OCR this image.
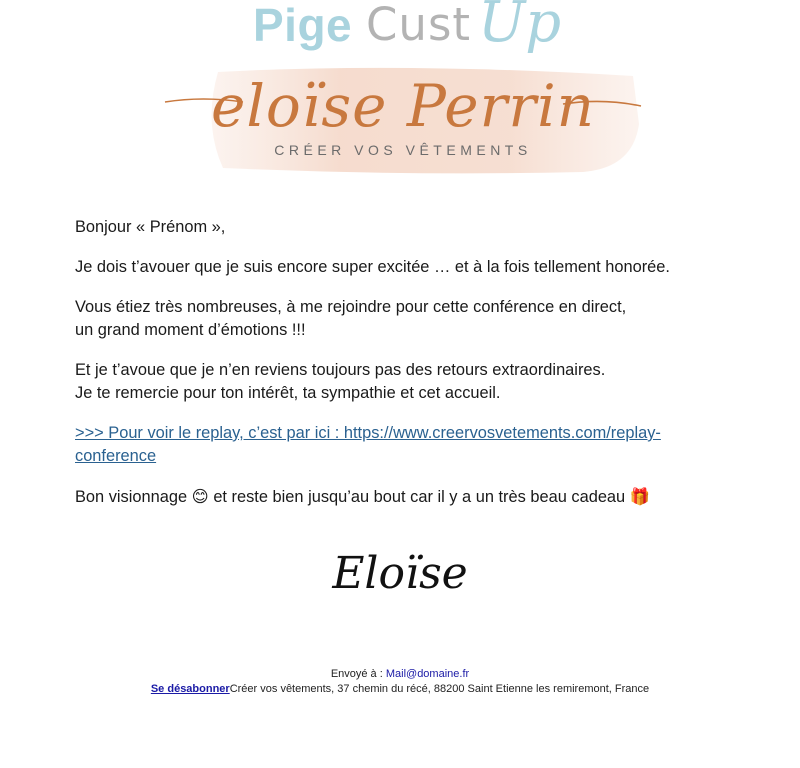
Pige Cust Up
eloïse Perrin
CRÉER VOS VÊTEMENTS

Bonjour « Prénom »,

Je dois t’avouer que je suis encore super excitée … et à la fois tellement honorée.

Vous étiez très nombreuses, à me rejoindre pour cette conférence en direct,
un grand moment d’émotions !!!

Et je t’avoue que je n’en reviens toujours pas des retours extraordinaires.
Je te remercie pour ton intérêt, ta sympathie et cet accueil.

>>> Pour voir le replay, c’est par ici : https://www.creervosvetements.com/replay-conference

Bon visionnage 😊 et reste bien jusqu’au bout car il y a un très beau cadeau 🎁

Eloïse
Envoyé à : Mail@domaine.fr
Se désabonnerCréer vos vêtements, 37 chemin du récé, 88200 Saint Etienne les remiremont, France
